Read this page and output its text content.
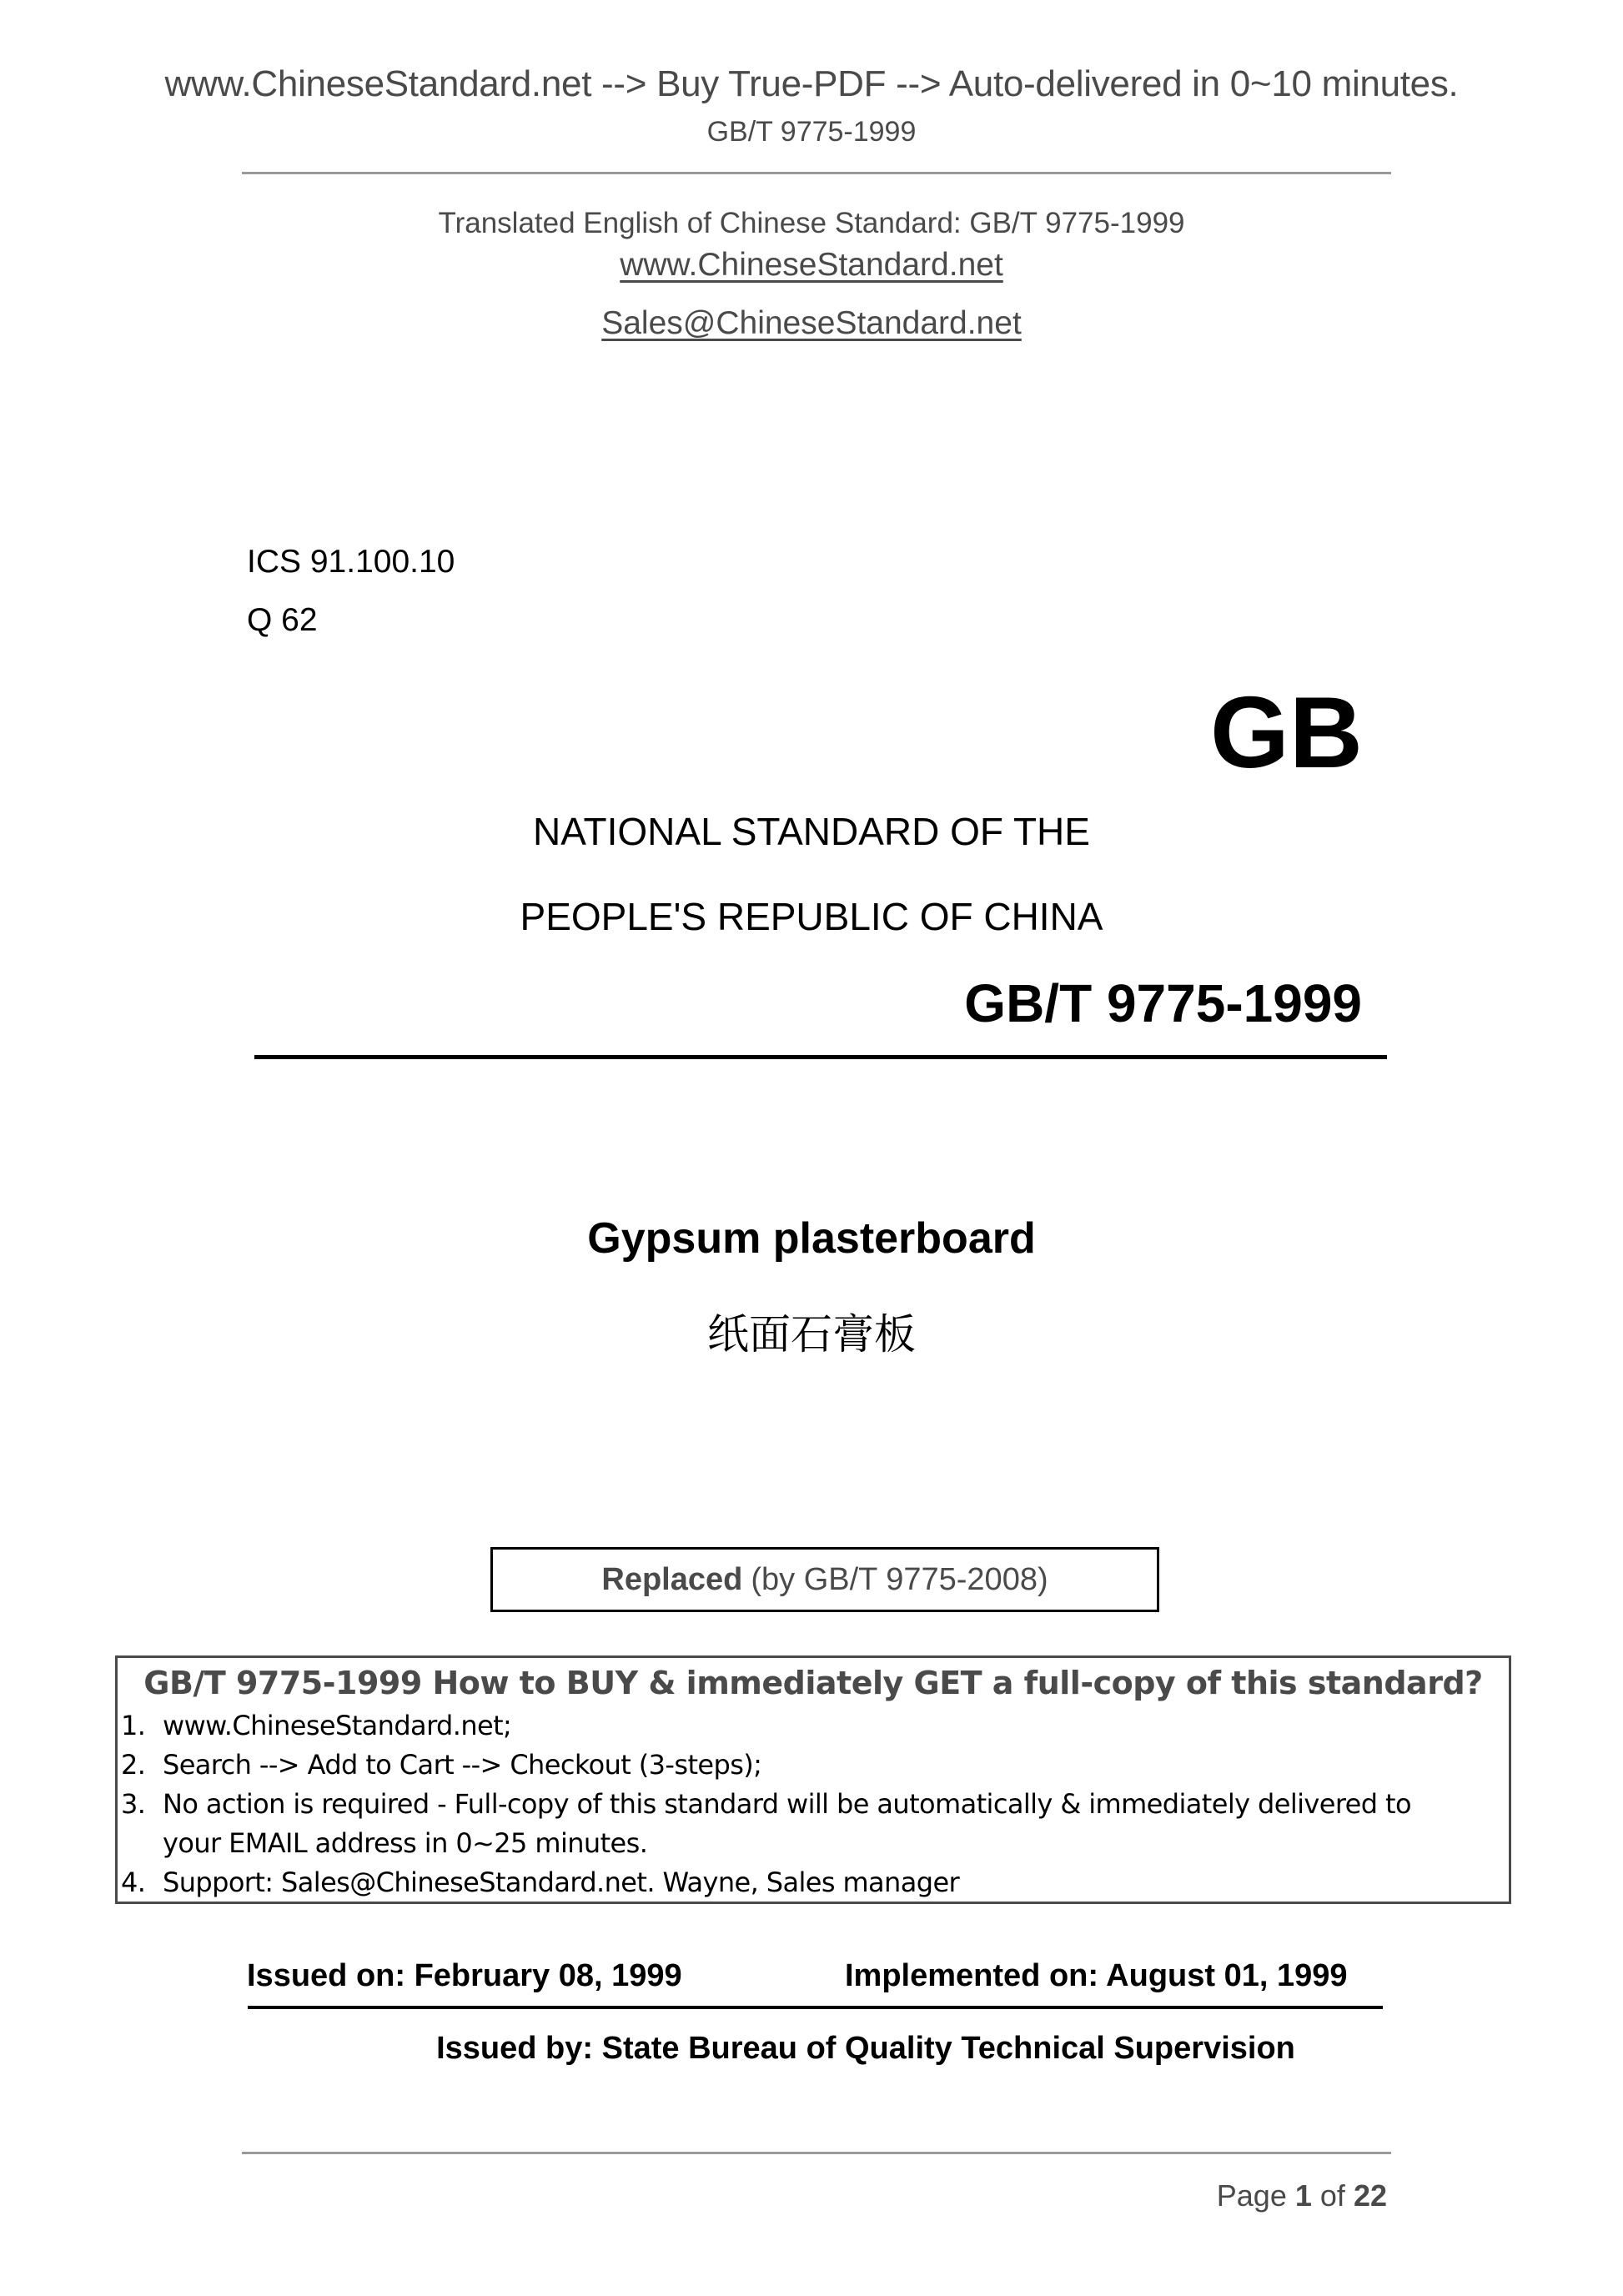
www.ChineseStandard.net --> Buy True-PDF --> Auto-delivered in 0~10 minutes.
GB/T 9775-1999
Translated English of Chinese Standard: GB/T 9775-1999
www.ChineseStandard.net
Sales@ChineseStandard.net
ICS 91.100.10
Q 62
GB
NATIONAL STANDARD OF THE
PEOPLE'S REPUBLIC OF CHINA
GB/T 9775-1999
Gypsum plasterboard
纸面石膏板
Replaced (by GB/T 9775-2008)
GB/T 9775-1999 How to BUY & immediately GET a full-copy of this standard?
1. www.ChineseStandard.net;
2. Search --> Add to Cart --> Checkout (3-steps);
3. No action is required - Full-copy of this standard will be automatically & immediately delivered to
your EMAIL address in 0~25 minutes.
4. Support: Sales@ChineseStandard.net. Wayne, Sales manager
Issued on: February 08, 1999	Implemented on: August 01, 1999
Issued by: State Bureau of Quality Technical Supervision
Page 1 of 22
